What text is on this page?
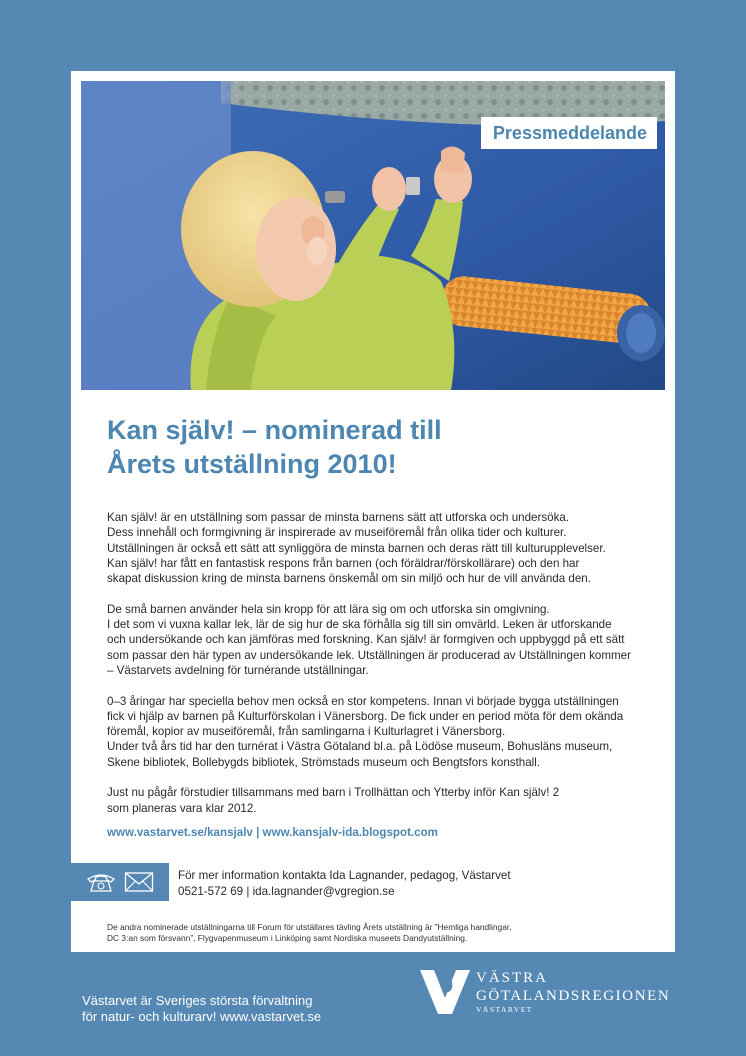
Pressmeddelande
Kan själv! – nominerad till
Årets utställning 2010!
Kan själv! är en utställning som passar de minsta barnens sätt att utforska och undersöka.
Dess innehåll och formgivning är inspirerade av museiföremål från olika tider och kulturer.
Utställningen är också ett sätt att synliggöra de minsta barnen och deras rätt till kulturupplevelser.
Kan själv! har fått en fantastisk respons från barnen (och föräldrar/förskollärare) och den har
skapat diskussion kring de minsta barnens önskemål om sin miljö och hur de vill använda den.
De små barnen använder hela sin kropp för att lära sig om och utforska sin omgivning.
I det som vi vuxna kallar lek, lär de sig hur de ska förhålla sig till sin omvärld. Leken är utforskande
och undersökande och kan jämföras med forskning. Kan själv! är formgiven och uppbyggd på ett sätt
som passar den här typen av undersökande lek. Utställningen är producerad av Utställningen kommer
– Västarvets avdelning för turnérande utställningar.
0–3 åringar har speciella behov men också en stor kompetens. Innan vi började bygga utställningen
fick vi hjälp av barnen på Kulturförskolan i Vänersborg. De fick under en period möta för dem okända
föremål, kopior av museiföremål, från samlingarna i Kulturlagret i Vänersborg.
Under två års tid har den turnérat i Västra Götaland bl.a. på Lödöse museum, Bohusläns museum,
Skene bibliotek, Bollebygds bibliotek, Strömstads museum och Bengtsfors konsthall.
Just nu pågår förstudier tillsammans med barn i Trollhättan och Ytterby inför Kan själv! 2
som planeras vara klar 2012.
www.vastarvet.se/kansjalv | www.kansjalv-ida.blogspot.com
För mer information kontakta Ida Lagnander, pedagog, Västarvet
0521-572 69 | ida.lagnander@vgregion.se
De andra nominerade utställningarna till Forum för utställares tävling Årets utställning är ”Hemliga handlingar,
DC 3:an som försvann”, Flygvapenmuseum i Linköping samt Nordiska museets Dandyutställning.
Västarvet är Sveriges största förvaltning
för natur- och kulturarv! www.vastarvet.se
VÄSTRA
GÖTALANDSREGIONEN
VÄSTARVET
